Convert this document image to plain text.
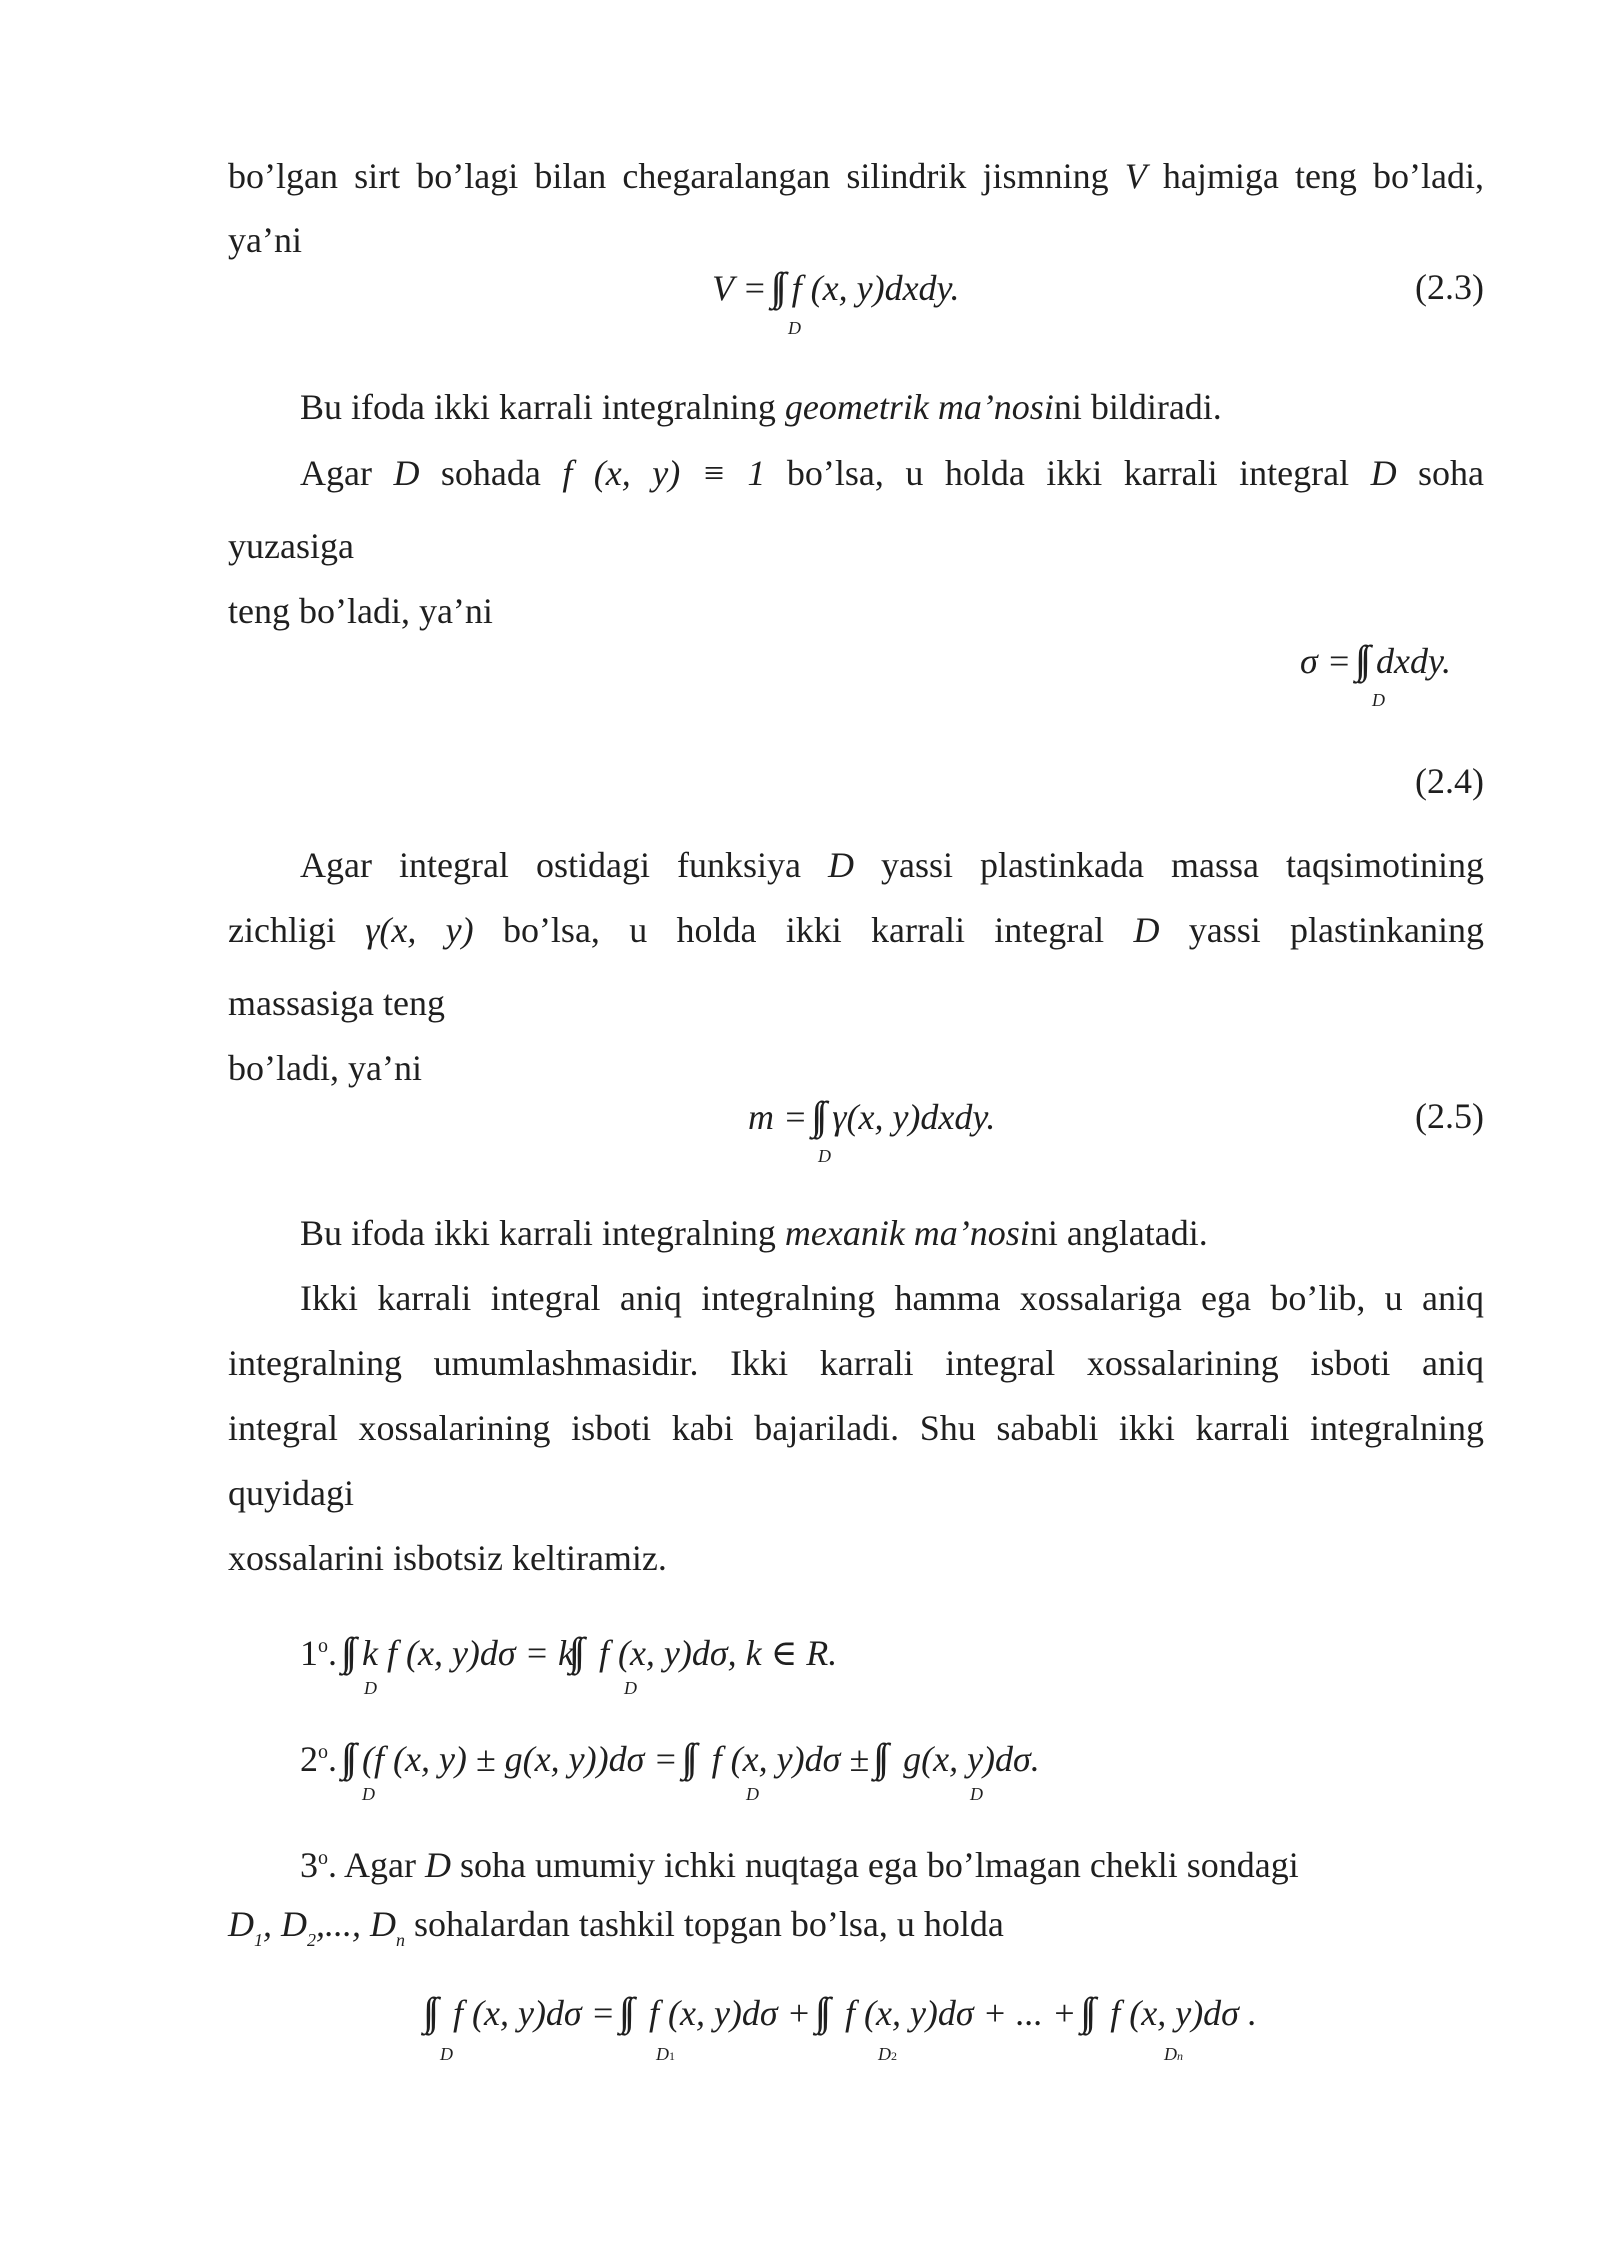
bo’lgan sirt bo’lagi bilan chegaralangan silindrik jismning V hajmiga teng bo’ladi,
ya’ni
V = f (x, y)dxdy.
D
(2.3)
Bu ifoda ikki karrali integralning geometrik ma’nosini bildiradi.
Agar D sohada f (x, y) ≡ 1 bo’lsa, u holda ikki karrali integral D soha
yuzasiga
teng bo’ladi, ya’ni
σ = dxdy.
D
(2.4)
Agar integral ostidagi funksiya D yassi plastinkada massa taqsimotining
zichligi γ(x, y) bo’lsa, u holda ikki karrali integral D yassi plastinkaning
massasiga teng
bo’ladi, ya’ni
m = γ(x, y)dxdy.
D
(2.5)
Bu ifoda ikki karrali integralning mexanik ma’nosini anglatadi.
Ikki karrali integral aniq integralning hamma xossalariga ega bo’lib, u aniq
integralning umumlashmasidir. Ikki karrali integral xossalarining isboti aniq
integral xossalarining isboti kabi bajariladi. Shu sababli ikki karrali integralning
quyidagi
xossalarini isbotsiz keltiramiz.
1$^o$. k f (x, y)dσ = k f (x, y)dσ, k ∈ R.
D	D
2$^o$. (f (x, y) ± g(x, y))dσ = f (x, y)dσ ± g(x, y)dσ.
D	D	D
3$^o$. Agar D soha umumiy ichki nuqtaga ega bo’lmagan chekli sondagi
$D_1$, $D_2$,..., $D_n$ sohalardan tashkil topgan bo’lsa, u holda
f (x, y)dσ = f (x, y)dσ + f (x, y)dσ + ... + f (x, y)dσ .
D	D1	D2	Dn
